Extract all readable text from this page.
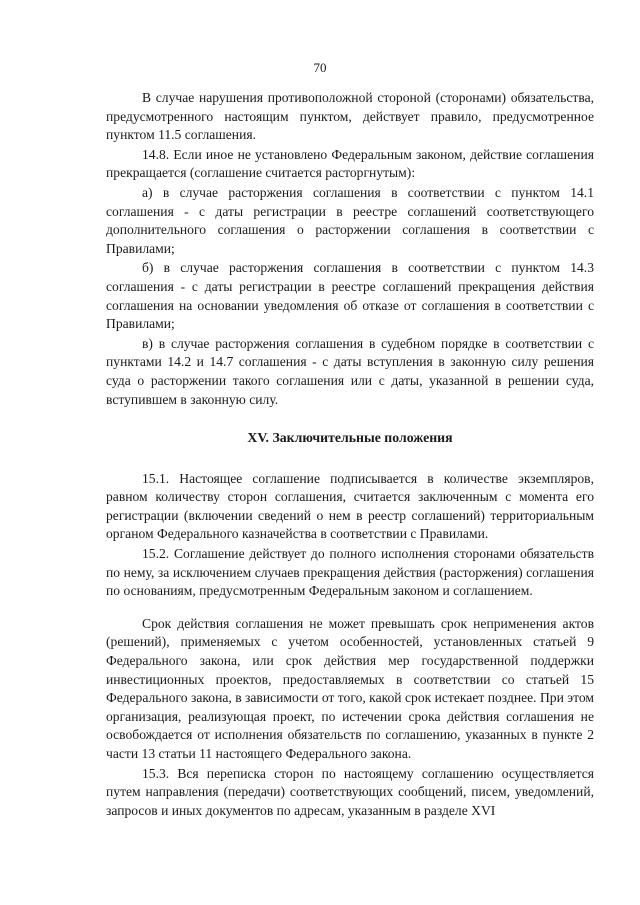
70

В случае нарушения противоположной стороной (сторонами) обязательства, предусмотренного настоящим пунктом, действует правило, предусмотренное пунктом 11.5 соглашения.

14.8. Если иное не установлено Федеральным законом, действие соглашения прекращается (соглашение считается расторгнутым):

а) в случае расторжения соглашения в соответствии с пунктом 14.1 соглашения - с даты регистрации в реестре соглашений соответствующего дополнительного соглашения о расторжении соглашения в соответствии с Правилами;

б) в случае расторжения соглашения в соответствии с пунктом 14.3 соглашения - с даты регистрации в реестре соглашений прекращения действия соглашения на основании уведомления об отказе от соглашения в соответствии с Правилами;

в) в случае расторжения соглашения в судебном порядке в соответствии с пунктами 14.2 и 14.7 соглашения - с даты вступления в законную силу решения суда о расторжении такого соглашения или с даты, указанной в решении суда, вступившем в законную силу.

XV. Заключительные положения

15.1. Настоящее соглашение подписывается в количестве экземпляров, равном количеству сторон соглашения, считается заключенным с момента его регистрации (включении сведений о нем в реестр соглашений) территориальным органом Федерального казначейства в соответствии с Правилами.

15.2. Соглашение действует до полного исполнения сторонами обязательств по нему, за исключением случаев прекращения действия (расторжения) соглашения по основаниям, предусмотренным Федеральным законом и соглашением.

Срок действия соглашения не может превышать срок неприменения актов (решений), применяемых с учетом особенностей, установленных статьей 9 Федерального закона, или срок действия мер государственной поддержки инвестиционных проектов, предоставляемых в соответствии со статьей 15 Федерального закона, в зависимости от того, какой срок истекает позднее. При этом организация, реализующая проект, по истечении срока действия соглашения не освобождается от исполнения обязательств по соглашению, указанных в пункте 2 части 13 статьи 11 настоящего Федерального закона.

15.3. Вся переписка сторон по настоящему соглашению осуществляется путем направления (передачи) соответствующих сообщений, писем, уведомлений, запросов и иных документов по адресам, указанным в разделе XVI
